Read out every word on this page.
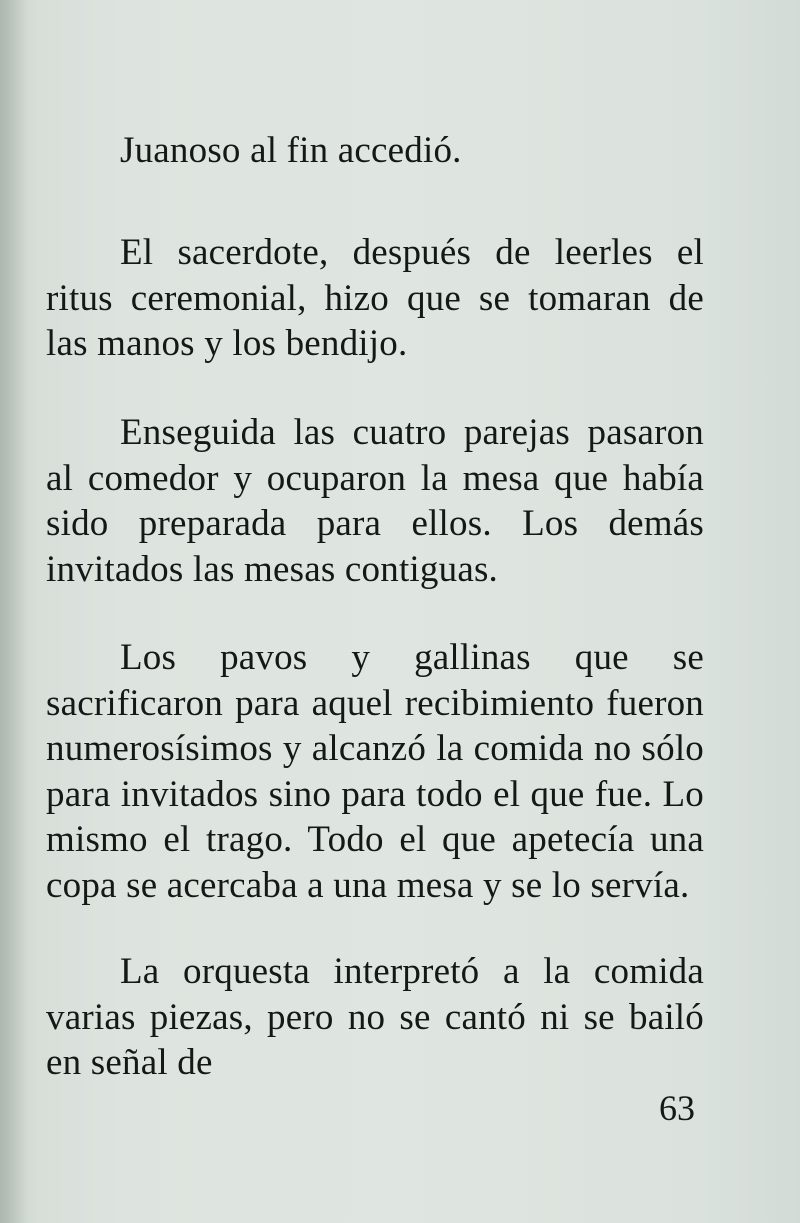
Juanoso al fin accedió.

El sacerdote, después de leerles el ritus ceremonial, hizo que se tomaran de las manos y los bendijo.

Enseguida las cuatro parejas pasaron al comedor y ocuparon la mesa que había sido preparada para ellos. Los demás invitados las mesas contiguas.

Los pavos y gallinas que se sacrificaron para aquel recibimiento fueron numerosísimos y alcanzó la comida no sólo para invitados sino para todo el que fue. Lo mismo el trago. Todo el que apetecía una copa se acercaba a una mesa y se lo servía.

La orquesta interpretó a la comida varias piezas, pero no se cantó ni se bailó en señal de

63
